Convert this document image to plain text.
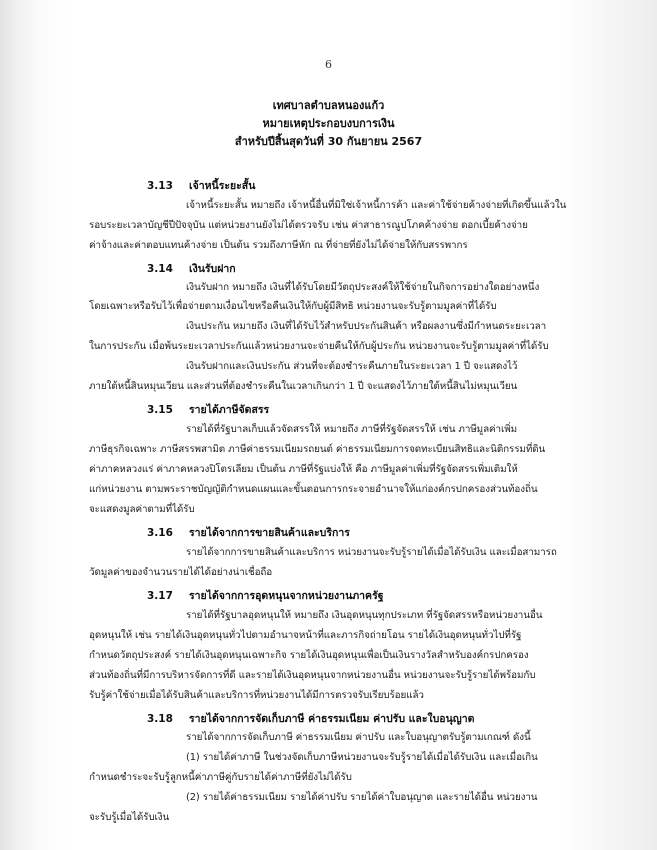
6
เทศบาลตำบลหนองแก้ว
หมายเหตุประกอบงบการเงิน
สำหรับปีสิ้นสุดวันที่ 30 กันยายน 2567
3.13 เจ้าหนี้ระยะสั้น
เจ้าหนี้ระยะสั้น หมายถึง เจ้าหนี้อื่นที่มิใช่เจ้าหนี้การค้า และค่าใช้จ่ายค้างจ่ายที่เกิดขึ้นแล้วใน
รอบระยะเวลาบัญชีปีปัจจุบัน แต่หน่วยงานยังไม่ได้ตรวจรับ เช่น ค่าสาธารณูปโภคค้างจ่าย ดอกเบี้ยค้างจ่าย
ค่าจ้างและค่าตอบแทนค้างจ่าย เป็นต้น รวมถึงภาษีหัก ณ ที่จ่ายที่ยังไม่ได้จ่ายให้กับสรรพากร
3.14 เงินรับฝาก
เงินรับฝาก หมายถึง เงินที่ได้รับโดยมีวัตถุประสงค์ให้ใช้จ่ายในกิจการอย่างใดอย่างหนึ่ง
โดยเฉพาะหรือรับไว้เพื่อจ่ายตามเงื่อนไขหรือคืนเงินให้กับผู้มีสิทธิ หน่วยงานจะรับรู้ตามมูลค่าที่ได้รับ
เงินประกัน หมายถึง เงินที่ได้รับไว้สำหรับประกันสินค้า หรือผลงานซึ่งมีกำหนดระยะเวลา
ในการประกัน เมื่อพ้นระยะเวลาประกันแล้วหน่วยงานจะจ่ายคืนให้กับผู้ประกัน หน่วยงานจะรับรู้ตามมูลค่าที่ได้รับ
เงินรับฝากและเงินประกัน ส่วนที่จะต้องชำระคืนภายในระยะเวลา 1 ปี จะแสดงไว้
ภายใต้หนี้สินหมุนเวียน และส่วนที่ต้องชำระคืนในเวลาเกินกว่า 1 ปี จะแสดงไว้ภายใต้หนี้สินไม่หมุนเวียน
3.15 รายได้ภาษีจัดสรร
รายได้ที่รัฐบาลเก็บแล้วจัดสรรให้ หมายถึง ภาษีที่รัฐจัดสรรให้ เช่น ภาษีมูลค่าเพิ่ม
ภาษีธุรกิจเฉพาะ ภาษีสรรพสามิต ภาษีค่าธรรมเนียมรถยนต์ ค่าธรรมเนียมการจดทะเบียนสิทธิและนิติกรรมที่ดิน
ค่าภาคหลวงแร่ ค่าภาคหลวงปิโตรเลียม เป็นต้น ภาษีที่รัฐแบ่งให้ คือ ภาษีมูลค่าเพิ่มที่รัฐจัดสรรเพิ่มเติมให้
แก่หน่วยงาน ตามพระราชบัญญัติกำหนดแผนและขั้นตอนการกระจายอำนาจให้แก่องค์กรปกครองส่วนท้องถิ่น
จะแสดงมูลค่าตามที่ได้รับ
3.16 รายได้จากการขายสินค้าและบริการ
รายได้จากการขายสินค้าและบริการ หน่วยงานจะรับรู้รายได้เมื่อได้รับเงิน และเมื่อสามารถ
วัดมูลค่าของจำนวนรายได้ได้อย่างน่าเชื่อถือ
3.17 รายได้จากการอุดหนุนจากหน่วยงานภาครัฐ
รายได้ที่รัฐบาลอุดหนุนให้ หมายถึง เงินอุดหนุนทุกประเภท ที่รัฐจัดสรรหรือหน่วยงานอื่น
อุดหนุนให้ เช่น รายได้เงินอุดหนุนทั่วไปตามอำนาจหน้าที่และภารกิจถ่ายโอน รายได้เงินอุดหนุนทั่วไปที่รัฐ
กำหนดวัตถุประสงค์ รายได้เงินอุดหนุนเฉพาะกิจ รายได้เงินอุดหนุนเพื่อเป็นเงินรางวัลสำหรับองค์กรปกครอง
ส่วนท้องถิ่นที่มีการบริหารจัดการที่ดี และรายได้เงินอุดหนุนจากหน่วยงานอื่น หน่วยงานจะรับรู้รายได้พร้อมกับ
รับรู้ค่าใช้จ่ายเมื่อได้รับสินค้าและบริการที่หน่วยงานได้มีการตรวจรับเรียบร้อยแล้ว
3.18 รายได้จากการจัดเก็บภาษี ค่าธรรมเนียม ค่าปรับ และใบอนุญาต
รายได้จากการจัดเก็บภาษี ค่าธรรมเนียม ค่าปรับ และใบอนุญาตรับรู้ตามเกณฑ์ ดังนี้
(1) รายได้ค่าภาษี ในช่วงจัดเก็บภาษีหน่วยงานจะรับรู้รายได้เมื่อได้รับเงิน และเมื่อเกิน
กำหนดชำระจะรับรู้ลูกหนี้ค่าภาษีคู่กับรายได้ค่าภาษีที่ยังไม่ได้รับ
(2) รายได้ค่าธรรมเนียม รายได้ค่าปรับ รายได้ค่าใบอนุญาต และรายได้อื่น หน่วยงาน
จะรับรู้เมื่อได้รับเงิน
